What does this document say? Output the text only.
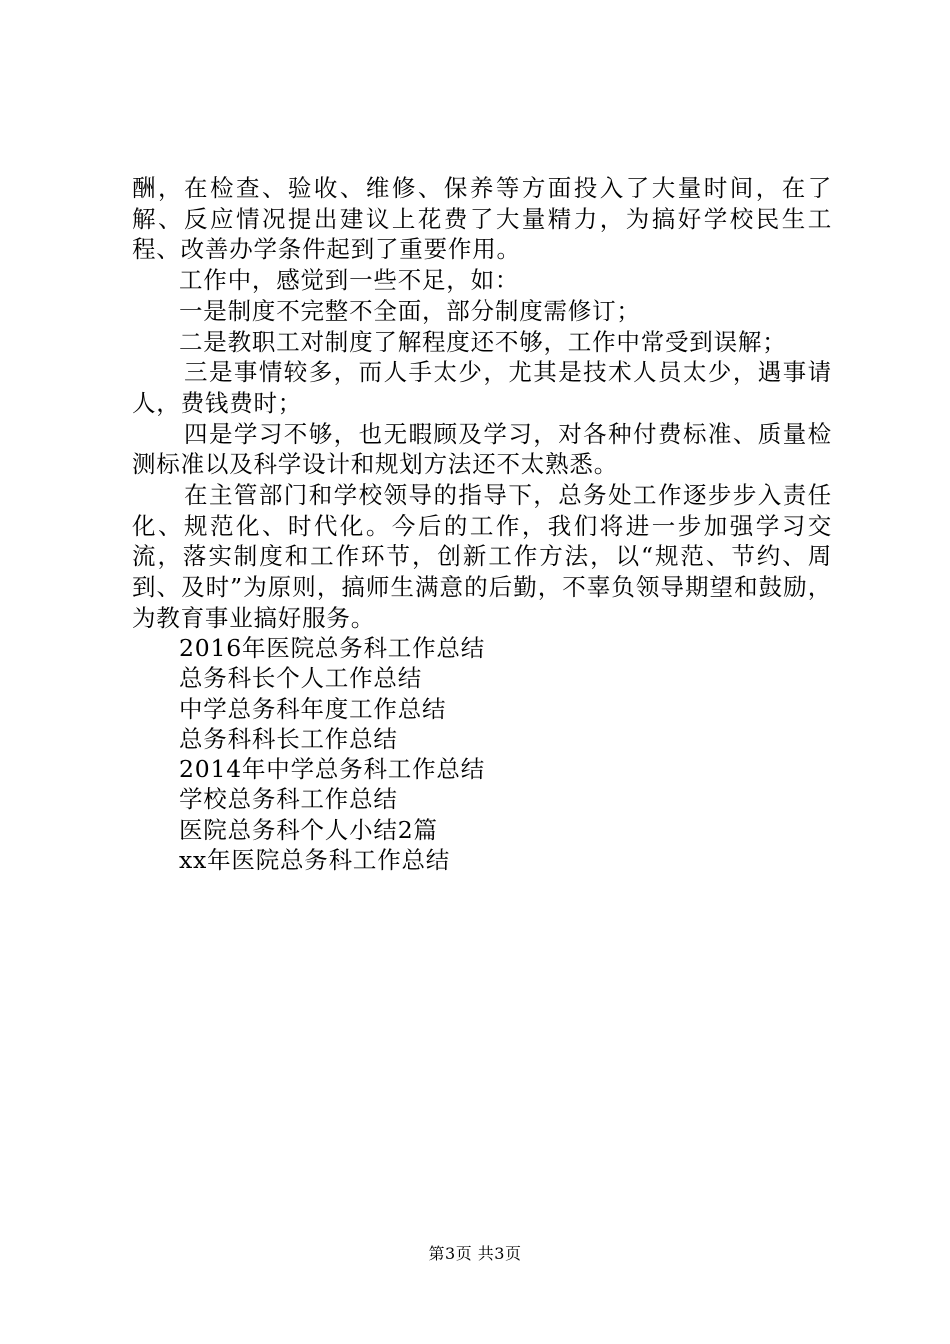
酬，在检查、验收、维修、保养等方面投入了大量时间，在了解、反应情况提出建议上花费了大量精力，为搞好学校民生工程、改善办学条件起到了重要作用。

工作中，感觉到一些不足，如：

一是制度不完整不全面，部分制度需修订；

二是教职工对制度了解程度还不够，工作中常受到误解；

三是事情较多，而人手太少，尤其是技术人员太少，遇事请人，费钱费时；

四是学习不够，也无暇顾及学习，对各种付费标准、质量检测标准以及科学设计和规划方法还不太熟悉。

在主管部门和学校领导的指导下，总务处工作逐步步入责任化、规范化、时代化。今后的工作，我们将进一步加强学习交流，落实制度和工作环节，创新工作方法，以“规范、节约、周到、及时”为原则，搞师生满意的后勤，不辜负领导期望和鼓励，为教育事业搞好服务。

2016年医院总务科工作总结
总务科长个人工作总结
中学总务科年度工作总结
总务科科长工作总结
2014年中学总务科工作总结
学校总务科工作总结
医院总务科个人小结2篇
xx年医院总务科工作总结
第3页 共3页
